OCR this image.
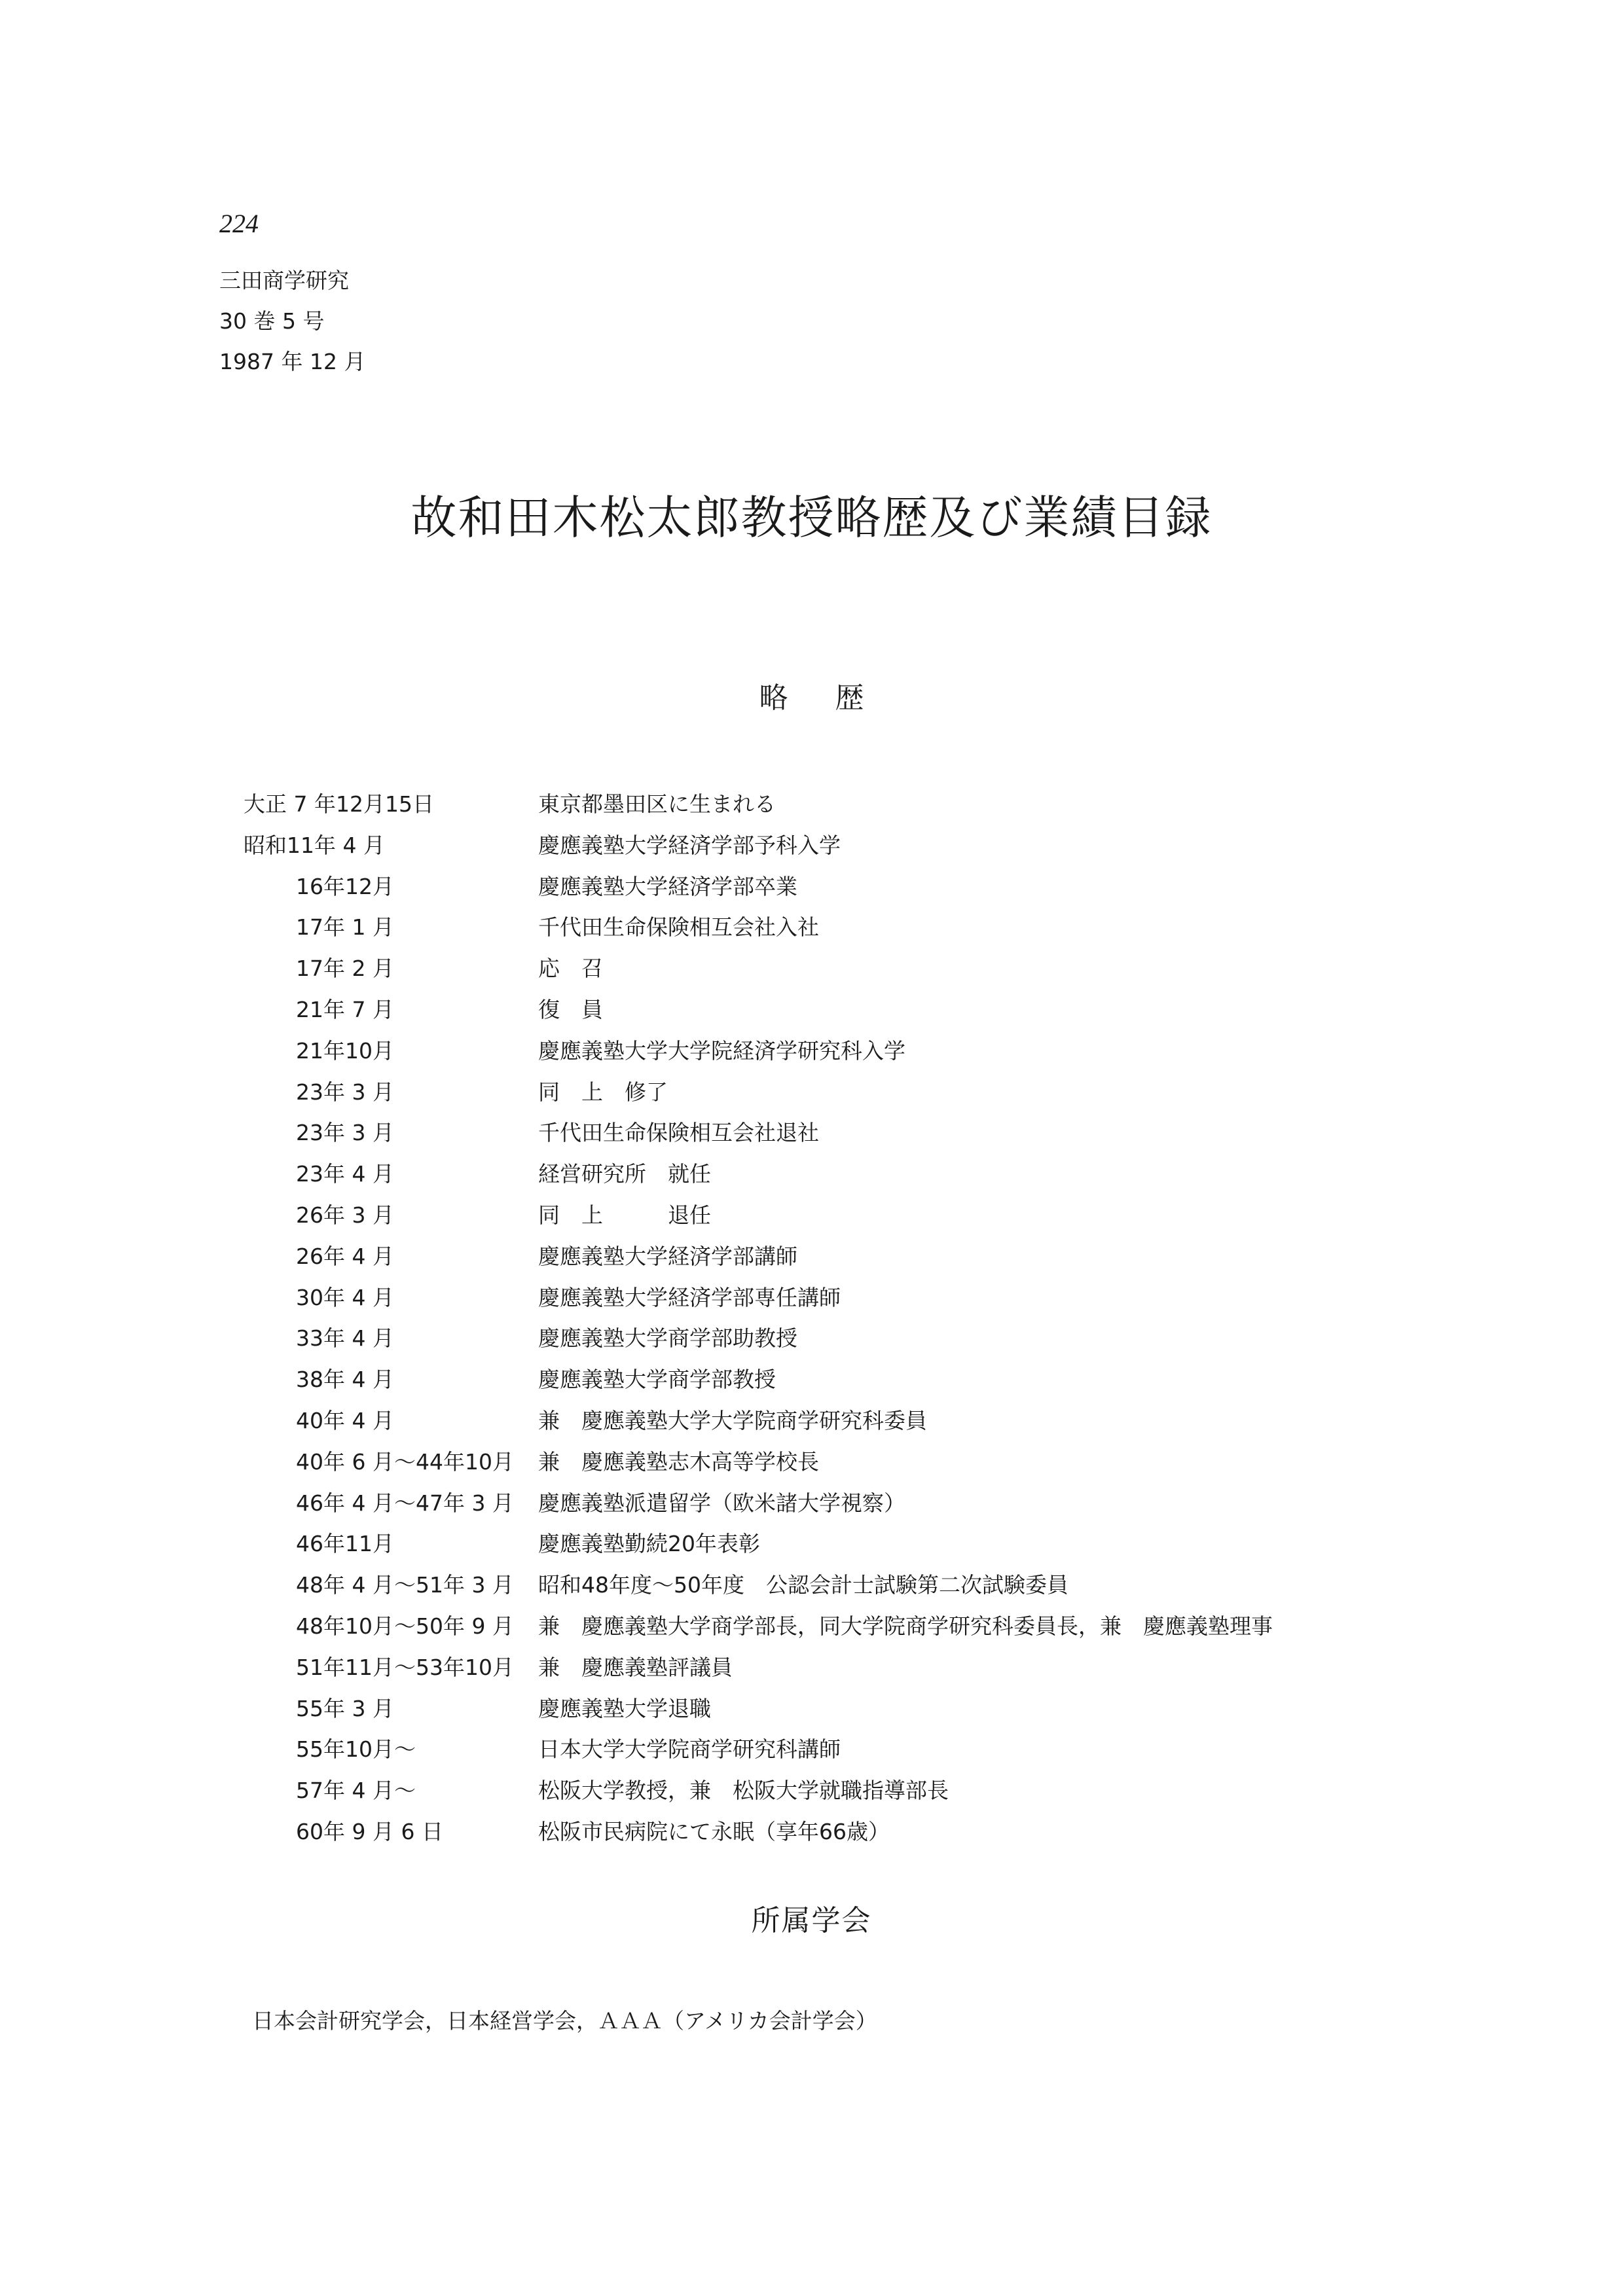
224
三田商学研究
30 巻 5 号
1987 年 12 月
故和田木松太郎教授略歴及び業績目録
略歴
大正 7 年12月15日	東京都墨田区に生まれる
昭和11年 4 月	慶應義塾大学経済学部予科入学
16年12月	慶應義塾大学経済学部卒業
17年 1 月	千代田生命保険相互会社入社
17年 2 月	応　召
21年 7 月	復　員
21年10月	慶應義塾大学大学院経済学研究科入学
23年 3 月	同　上　修了
23年 3 月	千代田生命保険相互会社退社
23年 4 月	経営研究所　就任
26年 3 月	同　上　　　退任
26年 4 月	慶應義塾大学経済学部講師
30年 4 月	慶應義塾大学経済学部専任講師
33年 4 月	慶應義塾大学商学部助教授
38年 4 月	慶應義塾大学商学部教授
40年 4 月	兼　慶應義塾大学大学院商学研究科委員
40年 6 月～44年10月	兼　慶應義塾志木高等学校長
46年 4 月～47年 3 月	慶應義塾派遣留学（欧米諸大学視察）
46年11月	慶應義塾勤続20年表彰
48年 4 月～51年 3 月	昭和48年度～50年度　公認会計士試験第二次試験委員
48年10月～50年 9 月	兼　慶應義塾大学商学部長，同大学院商学研究科委員長，兼　慶應義塾理事
51年11月～53年10月	兼　慶應義塾評議員
55年 3 月	慶應義塾大学退職
55年10月～	日本大学大学院商学研究科講師
57年 4 月～	松阪大学教授，兼　松阪大学就職指導部長
60年 9 月 6 日	松阪市民病院にて永眠（享年66歳）
所属学会
日本会計研究学会，日本経営学会，ＡＡＡ（アメリカ会計学会）
